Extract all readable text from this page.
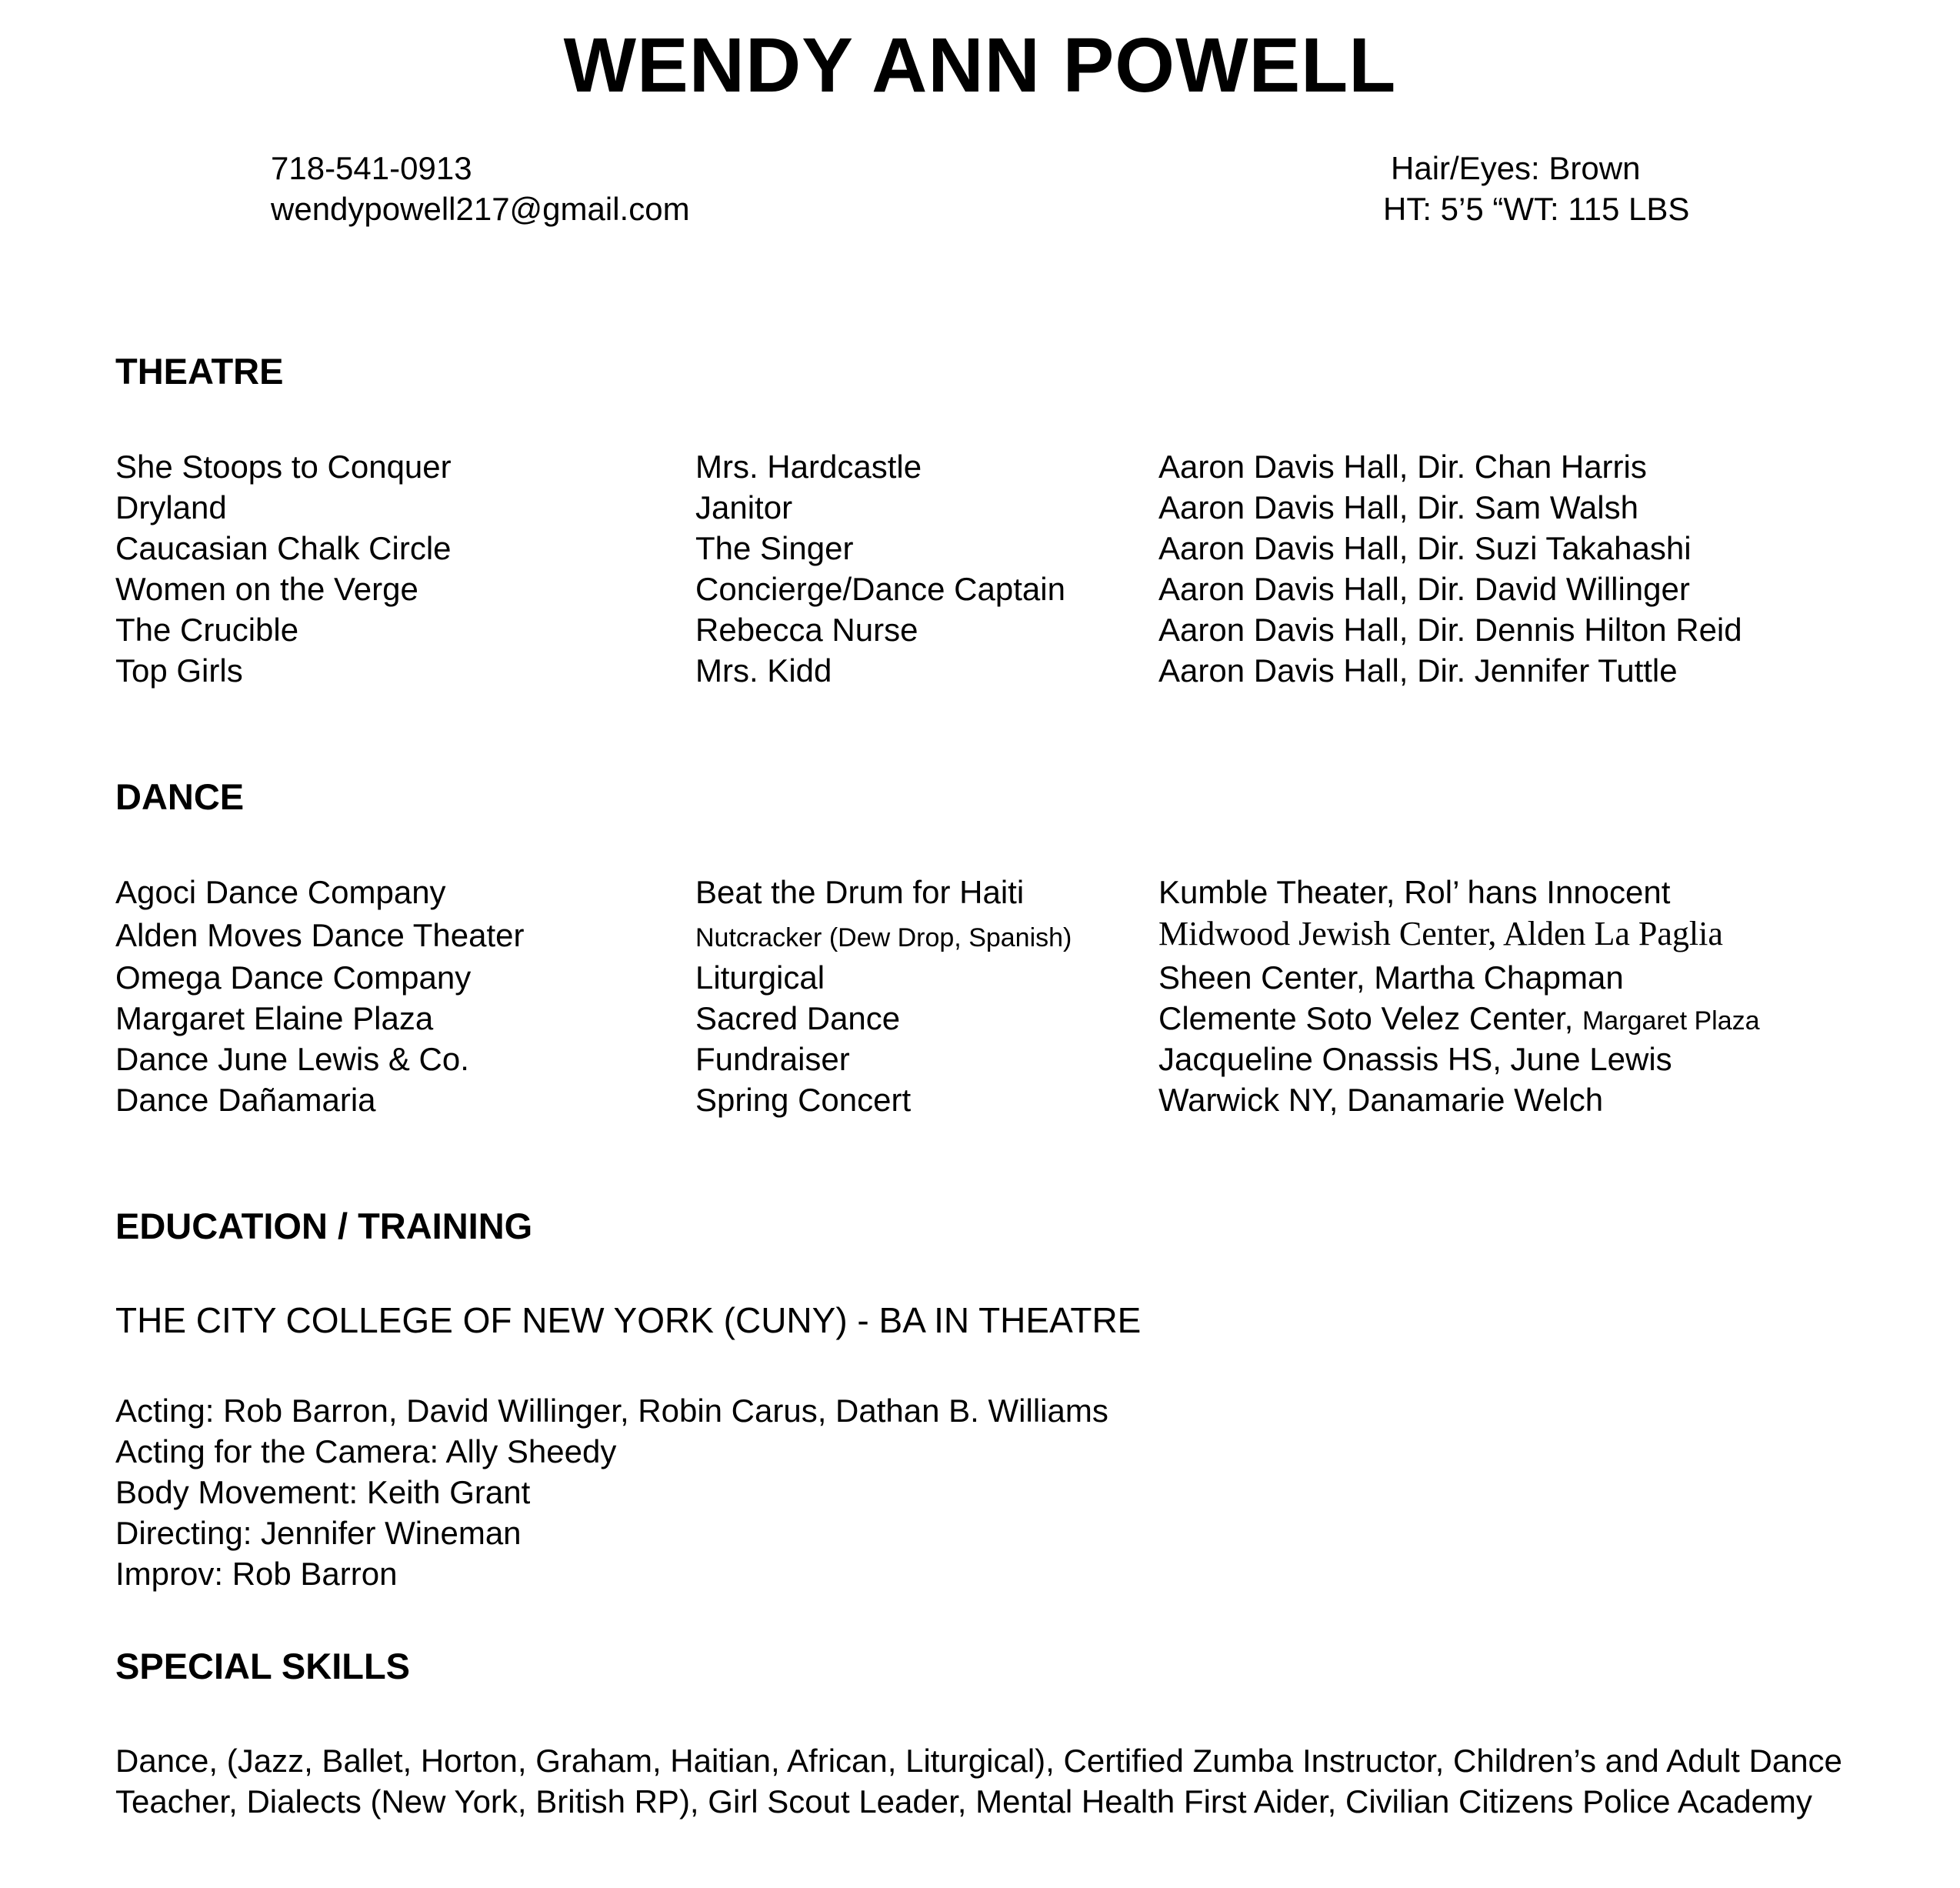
WENDY ANN POWELL
718-541-0913
wendypowell217@gmail.com
Hair/Eyes: Brown
HT: 5’5 “WT: 115 LBS
THEATRE
She Stoops to Conquer	Mrs. Hardcastle	Aaron Davis Hall, Dir. Chan Harris
Dryland	Janitor	Aaron Davis Hall, Dir. Sam Walsh
Caucasian Chalk Circle	The Singer	Aaron Davis Hall, Dir. Suzi Takahashi
Women on the Verge	Concierge/Dance Captain	Aaron Davis Hall, Dir. David Willinger
The Crucible	Rebecca Nurse	Aaron Davis Hall, Dir. Dennis Hilton Reid
Top Girls	Mrs. Kidd	Aaron Davis Hall, Dir. Jennifer Tuttle
DANCE
Agoci Dance Company	Beat the Drum for Haiti	Kumble Theater, Rol’ hans Innocent
Alden Moves Dance Theater	Nutcracker (Dew Drop, Spanish)	Midwood Jewish Center, Alden La Paglia
Omega Dance Company	Liturgical	Sheen Center, Martha Chapman
Margaret Elaine Plaza	Sacred Dance	Clemente Soto Velez Center, Margaret Plaza
Dance June Lewis & Co.	Fundraiser	Jacqueline Onassis HS, June Lewis
Dance Dañamaria	Spring Concert	Warwick NY, Danamarie Welch
EDUCATION / TRAINING
THE CITY COLLEGE OF NEW YORK (CUNY) - BA IN THEATRE
Acting: Rob Barron, David Willinger, Robin Carus, Dathan B. Williams
Acting for the Camera: Ally Sheedy
Body Movement: Keith Grant
Directing: Jennifer Wineman
Improv: Rob Barron
SPECIAL SKILLS
Dance, (Jazz, Ballet, Horton, Graham, Haitian, African, Liturgical), Certified Zumba Instructor, Children’s and Adult Dance Teacher, Dialects (New York, British RP), Girl Scout Leader, Mental Health First Aider, Civilian Citizens Police Academy
